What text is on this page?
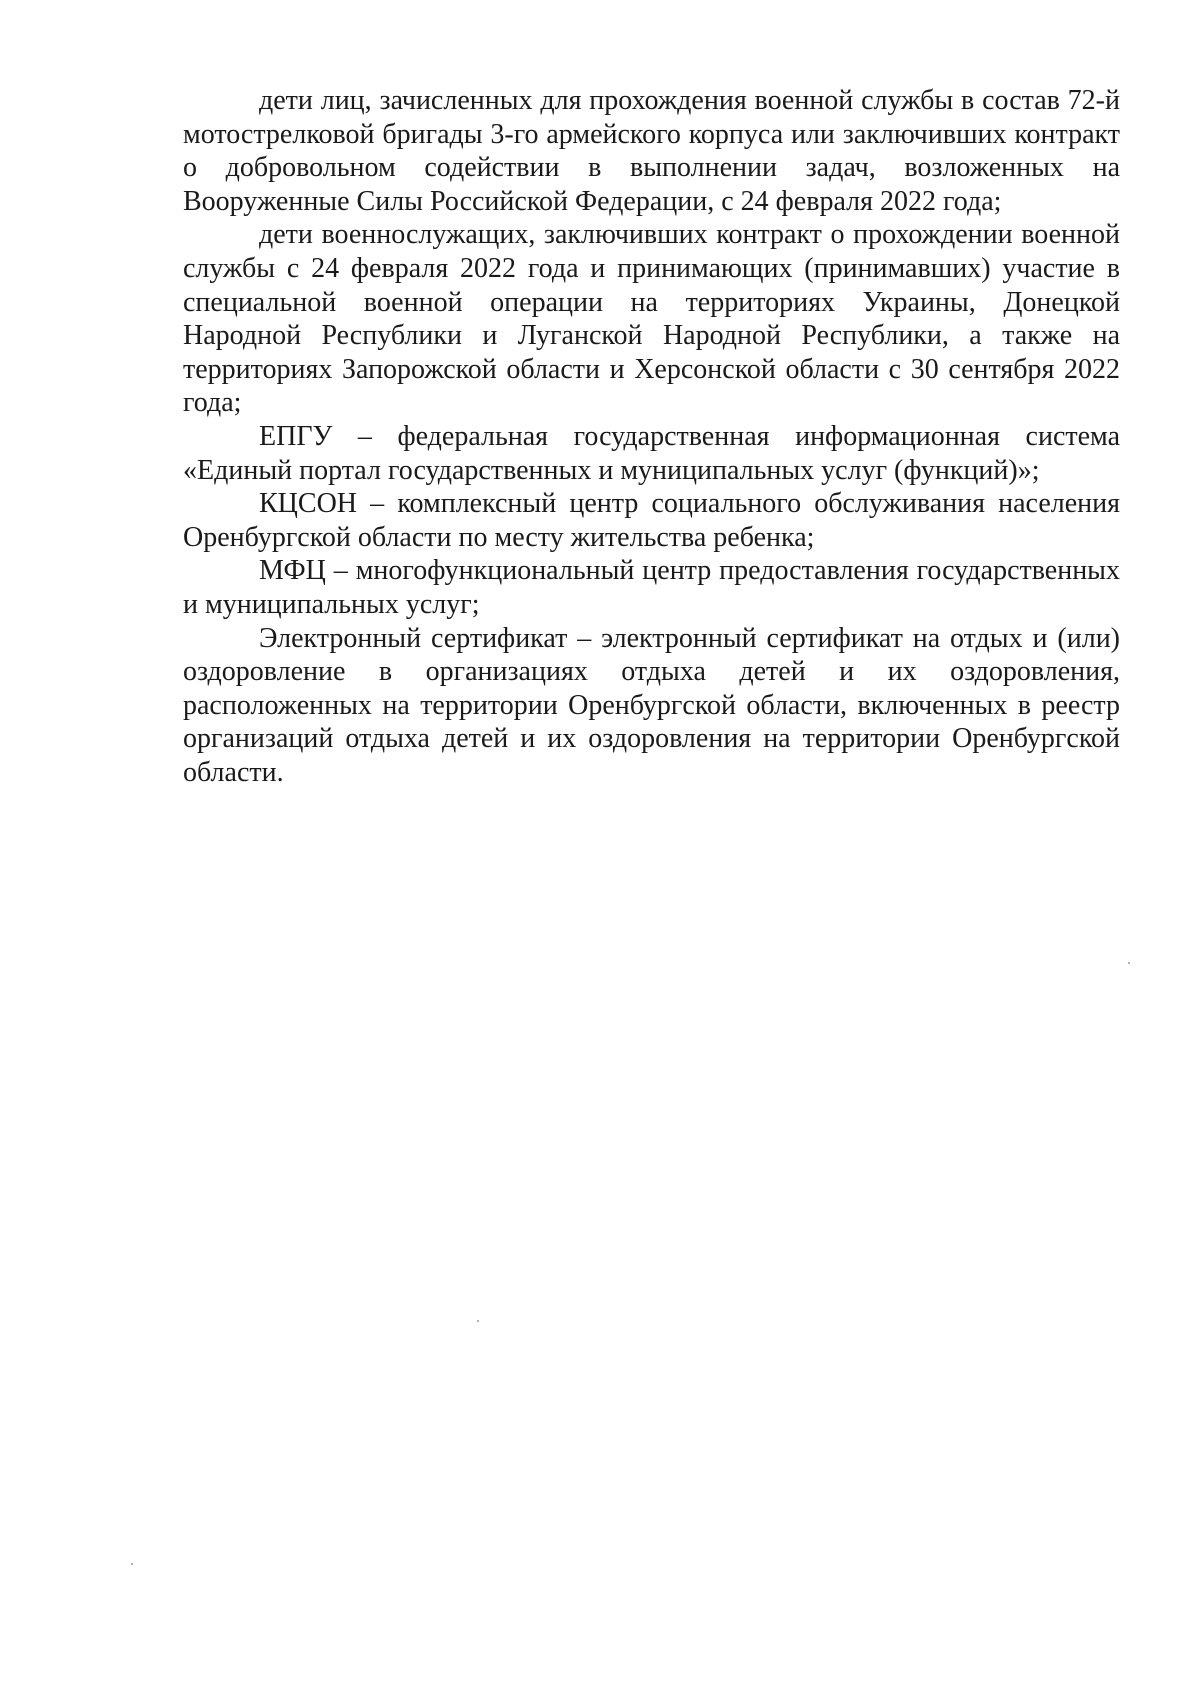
дети лиц, зачисленных для прохождения военной службы в состав 72-й мотострелковой бригады 3-го армейского корпуса или заключивших контракт о добровольном содействии в выполнении задач, возложенных на Вооруженные Силы Российской Федерации, с 24 февраля 2022 года;

дети военнослужащих, заключивших контракт о прохождении военной службы с 24 февраля 2022 года и принимающих (принимавших) участие в специальной военной операции на территориях Украины, Донецкой Народной Республики и Луганской Народной Республики, а также на территориях Запорожской области и Херсонской области с 30 сентября 2022 года;

ЕПГУ – федеральная государственная информационная система «Единый портал государственных и муниципальных услуг (функций)»;

КЦСОН – комплексный центр социального обслуживания населения Оренбургской области по месту жительства ребенка;

МФЦ – многофункциональный центр предоставления государственных и муниципальных услуг;

Электронный сертификат – электронный сертификат на отдых и (или) оздоровление в организациях отдыха детей и их оздоровления, расположенных на территории Оренбургской области, включенных в реестр организаций отдыха детей и их оздоровления на территории Оренбургской области.
